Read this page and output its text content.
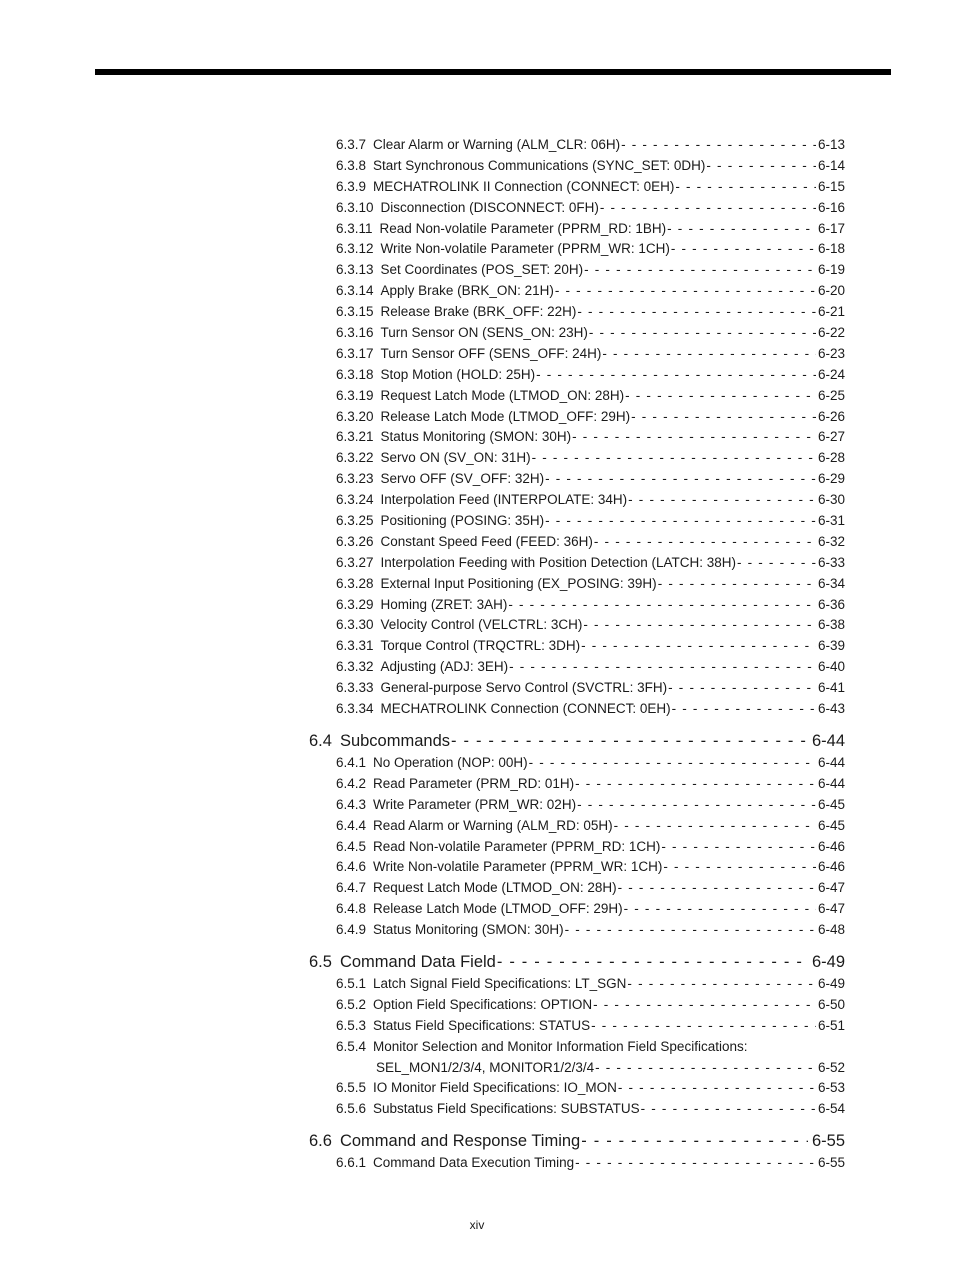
6.3.7 Clear Alarm or Warning (ALM_CLR: 06H) - - -	6-13
6.3.8 Start Synchronous Communications (SYNC_SET: 0DH) - - -	6-14
6.3.9 MECHATROLINK II Connection (CONNECT: 0EH) - - -	6-15
6.3.10 Disconnection (DISCONNECT: 0FH) - - -	6-16
6.3.11 Read Non-volatile Parameter (PPRM_RD: 1BH) - - -	6-17
6.3.12 Write Non-volatile Parameter (PPRM_WR: 1CH) - - -	6-18
6.3.13 Set Coordinates (POS_SET: 20H) - - -	6-19
6.3.14 Apply Brake (BRK_ON: 21H) - - -	6-20
6.3.15 Release Brake (BRK_OFF: 22H) - - -	6-21
6.3.16 Turn Sensor ON (SENS_ON: 23H) - - -	6-22
6.3.17 Turn Sensor OFF (SENS_OFF: 24H) - - -	6-23
6.3.18 Stop Motion (HOLD: 25H) - - -	6-24
6.3.19 Request Latch Mode (LTMOD_ON: 28H) - - -	6-25
6.3.20 Release Latch Mode (LTMOD_OFF: 29H) - - -	6-26
6.3.21 Status Monitoring (SMON: 30H) - - -	6-27
6.3.22 Servo ON (SV_ON: 31H) - - -	6-28
6.3.23 Servo OFF (SV_OFF: 32H) - - -	6-29
6.3.24 Interpolation Feed (INTERPOLATE: 34H) - - -	6-30
6.3.25 Positioning (POSING: 35H) - - -	6-31
6.3.26 Constant Speed Feed (FEED: 36H) - - -	6-32
6.3.27 Interpolation Feeding with Position Detection (LATCH: 38H) - - -	6-33
6.3.28 External Input Positioning (EX_POSING: 39H) - - -	6-34
6.3.29 Homing (ZRET: 3AH) - - -	6-36
6.3.30 Velocity Control (VELCTRL: 3CH) - - -	6-38
6.3.31 Torque Control (TRQCTRL: 3DH) - - -	6-39
6.3.32 Adjusting (ADJ: 3EH) - - -	6-40
6.3.33 General-purpose Servo Control (SVCTRL: 3FH) - - -	6-41
6.3.34 MECHATROLINK Connection (CONNECT: 0EH) - - -	6-43
6.4 Subcommands - - -	6-44
6.4.1 No Operation (NOP: 00H) - - -	6-44
6.4.2 Read Parameter (PRM_RD: 01H) - - -	6-44
6.4.3 Write Parameter (PRM_WR: 02H) - - -	6-45
6.4.4 Read Alarm or Warning (ALM_RD: 05H) - - -	6-45
6.4.5 Read Non-volatile Parameter (PPRM_RD: 1CH) - - -	6-46
6.4.6 Write Non-volatile Parameter (PPRM_WR: 1CH) - - -	6-46
6.4.7 Request Latch Mode (LTMOD_ON: 28H) - - -	6-47
6.4.8 Release Latch Mode (LTMOD_OFF: 29H) - - -	6-47
6.4.9 Status Monitoring (SMON: 30H) - - -	6-48
6.5 Command Data Field - - -	6-49
6.5.1 Latch Signal Field Specifications: LT_SGN - - -	6-49
6.5.2 Option Field Specifications: OPTION - - -	6-50
6.5.3 Status Field Specifications: STATUS - - -	6-51
6.5.4 Monitor Selection and Monitor Information Field Specifications:
SEL_MON1/2/3/4, MONITOR1/2/3/4 - - -	6-52
6.5.5 IO Monitor Field Specifications: IO_MON - - -	6-53
6.5.6 Substatus Field Specifications: SUBSTATUS - - -	6-54
6.6 Command and Response Timing - - -	6-55
6.6.1 Command Data Execution Timing - - -	6-55
xiv
